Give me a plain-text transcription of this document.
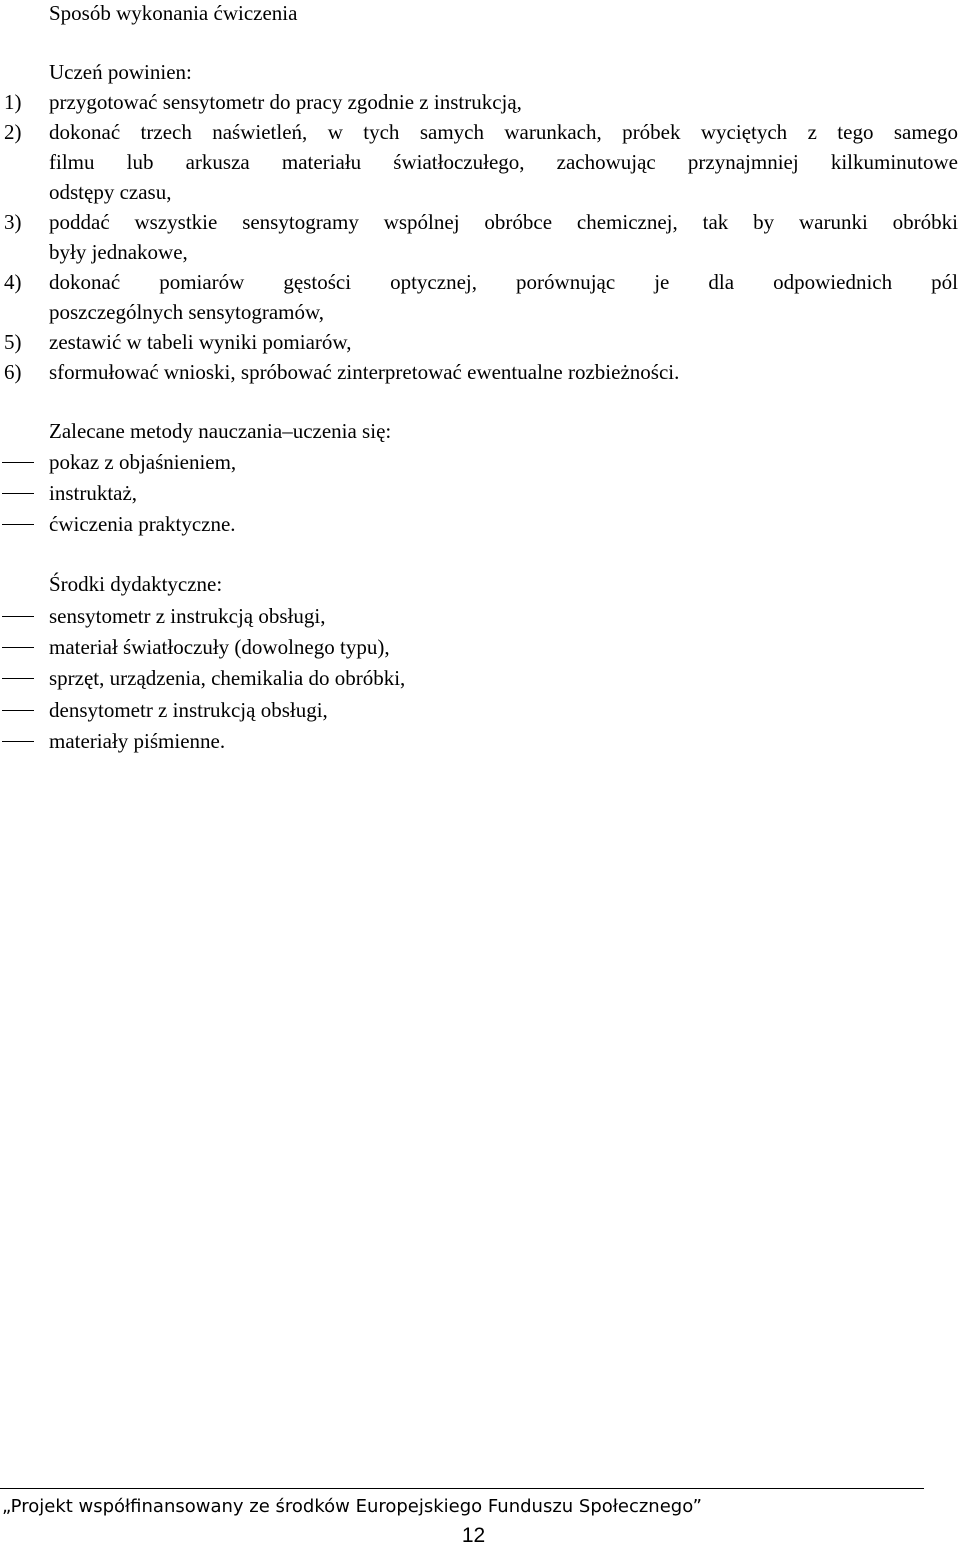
Sposób wykonania ćwiczenia
Uczeń powinien:
1) przygotować sensytometr do pracy zgodnie z instrukcją,
2) dokonać trzech naświetleń, w tych samych warunkach, próbek wyciętych z tego samego
filmu lub arkusza materiału światłoczułego, zachowując przynajmniej kilkuminutowe
odstępy czasu,
3) poddać wszystkie sensytogramy wspólnej obróbce chemicznej, tak by warunki obróbki
były jednakowe,
4) dokonać pomiarów gęstości optycznej, porównując je dla odpowiednich pól
poszczególnych sensytogramów,
5) zestawić w tabeli wyniki pomiarów,
6) sformułować wnioski, spróbować zinterpretować ewentualne rozbieżności.
Zalecane metody nauczania–uczenia się:
pokaz z objaśnieniem,
instruktaż,
ćwiczenia praktyczne.
Środki dydaktyczne:
sensytometr z instrukcją obsługi,
materiał światłoczuły (dowolnego typu),
sprzęt, urządzenia, chemikalia do obróbki,
densytometr z instrukcją obsługi,
materiały piśmienne.
„Projekt współfinansowany ze środków Europejskiego Funduszu Społecznego”
12
